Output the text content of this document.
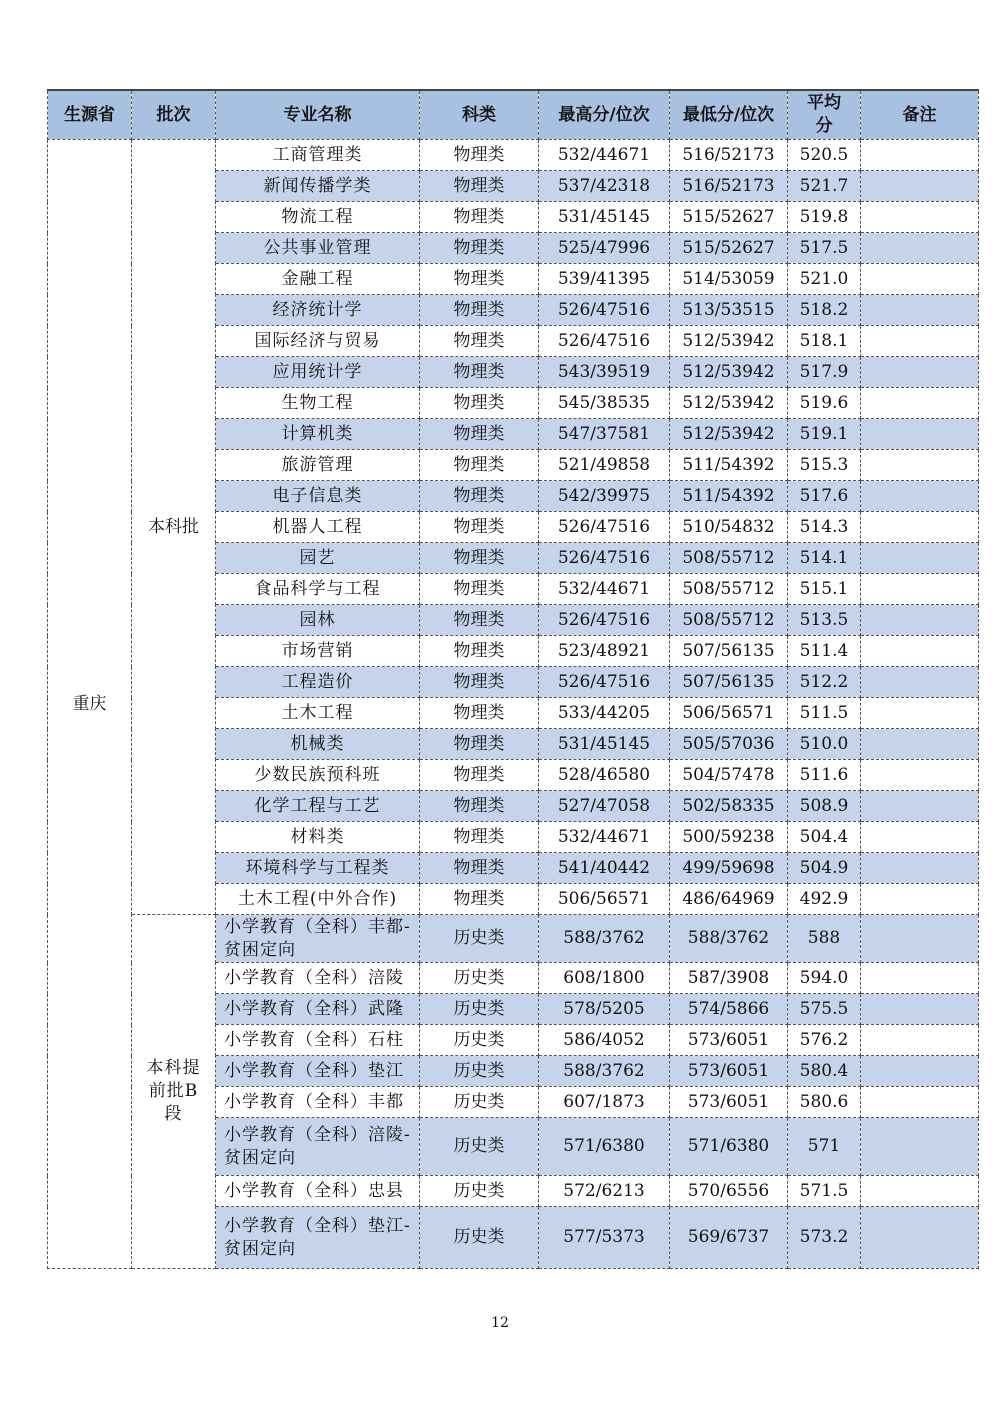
生源省	批次	专业名称	科类	最高分/位次	最低分/位次	平均分	备注
重庆	本科批	工商管理类	物理类	532/44671	516/52173	520.5	
		新闻传播学类	物理类	537/42318	516/52173	521.7	
		物流工程	物理类	531/45145	515/52627	519.8	
		公共事业管理	物理类	525/47996	515/52627	517.5	
		金融工程	物理类	539/41395	514/53059	521.0	
		经济统计学	物理类	526/47516	513/53515	518.2	
		国际经济与贸易	物理类	526/47516	512/53942	518.1	
		应用统计学	物理类	543/39519	512/53942	517.9	
		生物工程	物理类	545/38535	512/53942	519.6	
		计算机类	物理类	547/37581	512/53942	519.1	
		旅游管理	物理类	521/49858	511/54392	515.3	
		电子信息类	物理类	542/39975	511/54392	517.6	
		机器人工程	物理类	526/47516	510/54832	514.3	
		园艺	物理类	526/47516	508/55712	514.1	
		食品科学与工程	物理类	532/44671	508/55712	515.1	
		园林	物理类	526/47516	508/55712	513.5	
		市场营销	物理类	523/48921	507/56135	511.4	
		工程造价	物理类	526/47516	507/56135	512.2	
		土木工程	物理类	533/44205	506/56571	511.5	
		机械类	物理类	531/45145	505/57036	510.0	
		少数民族预科班	物理类	528/46580	504/57478	511.6	
		化学工程与工艺	物理类	527/47058	502/58335	508.9	
		材料类	物理类	532/44671	500/59238	504.4	
		环境科学与工程类	物理类	541/40442	499/59698	504.9	
		土木工程(中外合作)	物理类	506/56571	486/64969	492.9	
	本科提前批B段	小学教育（全科）丰都-贫困定向	历史类	588/3762	588/3762	588	
		小学教育（全科）涪陵	历史类	608/1800	587/3908	594.0	
		小学教育（全科）武隆	历史类	578/5205	574/5866	575.5	
		小学教育（全科）石柱	历史类	586/4052	573/6051	576.2	
		小学教育（全科）垫江	历史类	588/3762	573/6051	580.4	
		小学教育（全科）丰都	历史类	607/1873	573/6051	580.6	
		小学教育（全科）涪陵-贫困定向	历史类	571/6380	571/6380	571	
		小学教育（全科）忠县	历史类	572/6213	570/6556	571.5	
		小学教育（全科）垫江-贫困定向	历史类	577/5373	569/6737	573.2	
12
